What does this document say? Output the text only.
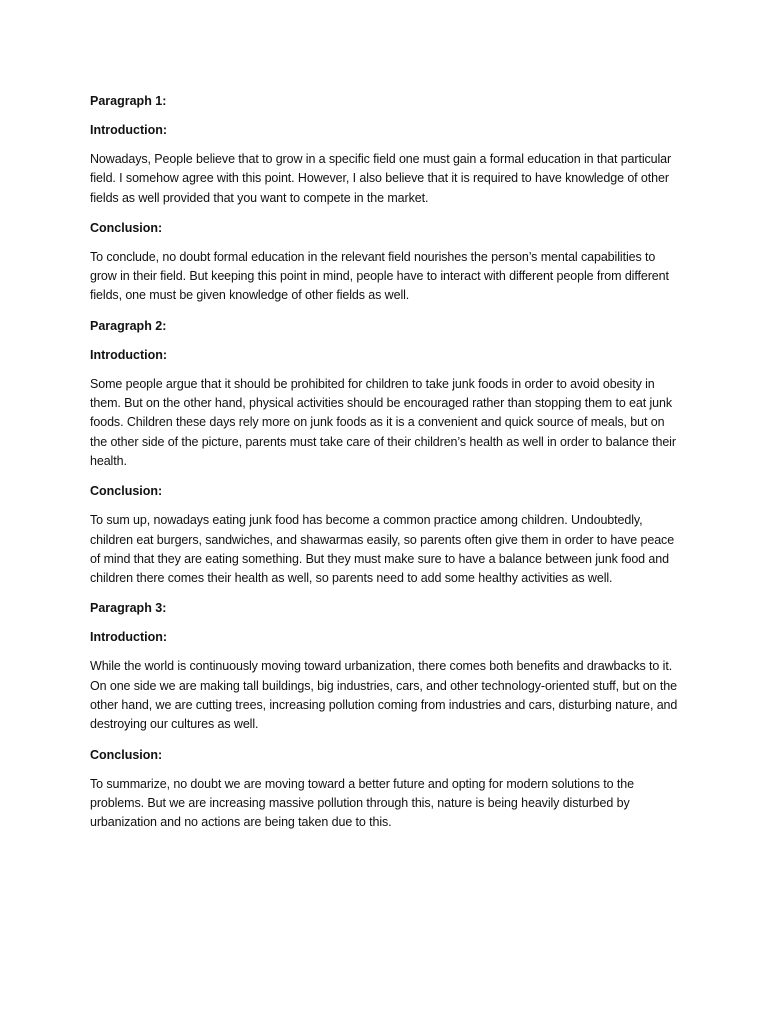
Paragraph 1:
Introduction:
Nowadays, People believe that to grow in a specific field one must gain a formal education in that particular field. I somehow agree with this point. However, I also believe that it is required to have knowledge of other fields as well provided that you want to compete in the market.
Conclusion:
To conclude, no doubt formal education in the relevant field nourishes the person’s mental capabilities to grow in their field. But keeping this point in mind, people have to interact with different people from different fields, one must be given knowledge of other fields as well.
Paragraph 2:
Introduction:
Some people argue that it should be prohibited for children to take junk foods in order to avoid obesity in them. But on the other hand, physical activities should be encouraged rather than stopping them to eat junk foods. Children these days rely more on junk foods as it is a convenient and quick source of meals, but on the other side of the picture, parents must take care of their children’s health as well in order to balance their health.
Conclusion:
To sum up, nowadays eating junk food has become a common practice among children. Undoubtedly, children eat burgers, sandwiches, and shawarmas easily, so parents often give them in order to have peace of mind that they are eating something. But they must make sure to have a balance between junk food and children there comes their health as well, so parents need to add some healthy activities as well.
Paragraph 3:
Introduction:
While the world is continuously moving toward urbanization, there comes both benefits and drawbacks to it. On one side we are making tall buildings, big industries, cars, and other technology-oriented stuff, but on the other hand, we are cutting trees, increasing pollution coming from industries and cars, disturbing nature, and destroying our cultures as well.
Conclusion:
To summarize, no doubt we are moving toward a better future and opting for modern solutions to the problems. But we are increasing massive pollution through this, nature is being heavily disturbed by urbanization and no actions are being taken due to this.
